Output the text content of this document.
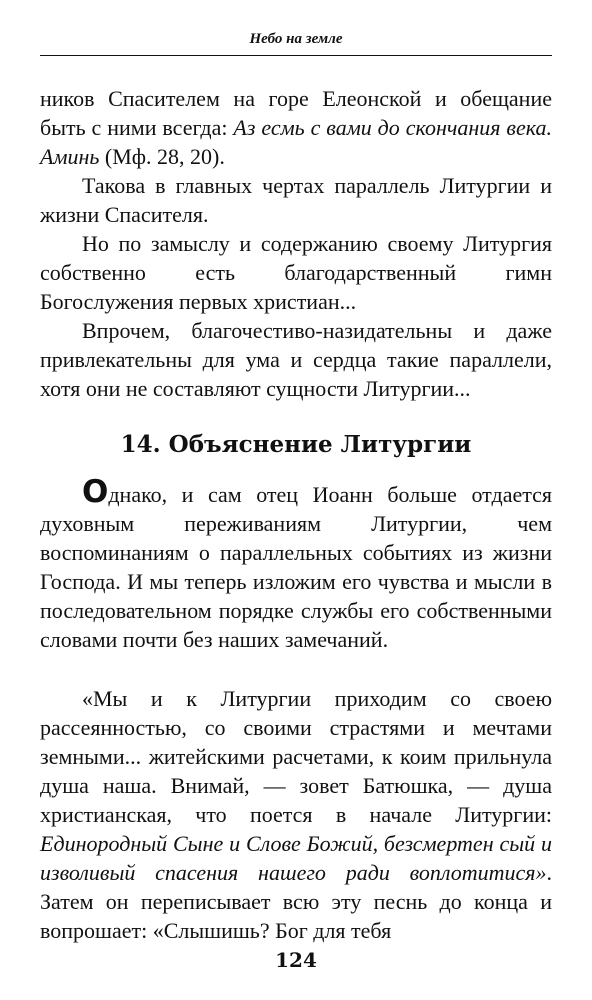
Небо на земле

ников Спасителем на горе Елеонской и обещание быть с ними всегда: Аз есмь с вами до скончания века. Аминь (Мф. 28, 20).

Такова в главных чертах параллель Литургии и жизни Спасителя.

Но по замыслу и содержанию своему Литургия собственно есть благодарственный гимн Богослужения первых христиан...

Впрочем, благочестиво-назидательны и даже привлекательны для ума и сердца такие параллели, хотя они не составляют сущности Литургии...

14. Объяснение Литургии

Однако, и сам отец Иоанн больше отдается духовным переживаниям Литургии, чем воспоминаниям о параллельных событиях из жизни Господа. И мы теперь изложим его чувства и мысли в последовательном порядке службы его собственными словами почти без наших замечаний.

«Мы и к Литургии приходим со своею рассеянностью, со своими страстями и мечтами земными... житейскими расчетами, к коим прильнула душа наша. Внимай, — зовет Батюшка, — душа христианская, что поется в начале Литургии: Единородный Сыне и Слове Божий, безсмертен сый и изволивый спасения нашего ради воплотитися». Затем он переписывает всю эту песнь до конца и вопрошает: «Слышишь? Бог для тебя

124
